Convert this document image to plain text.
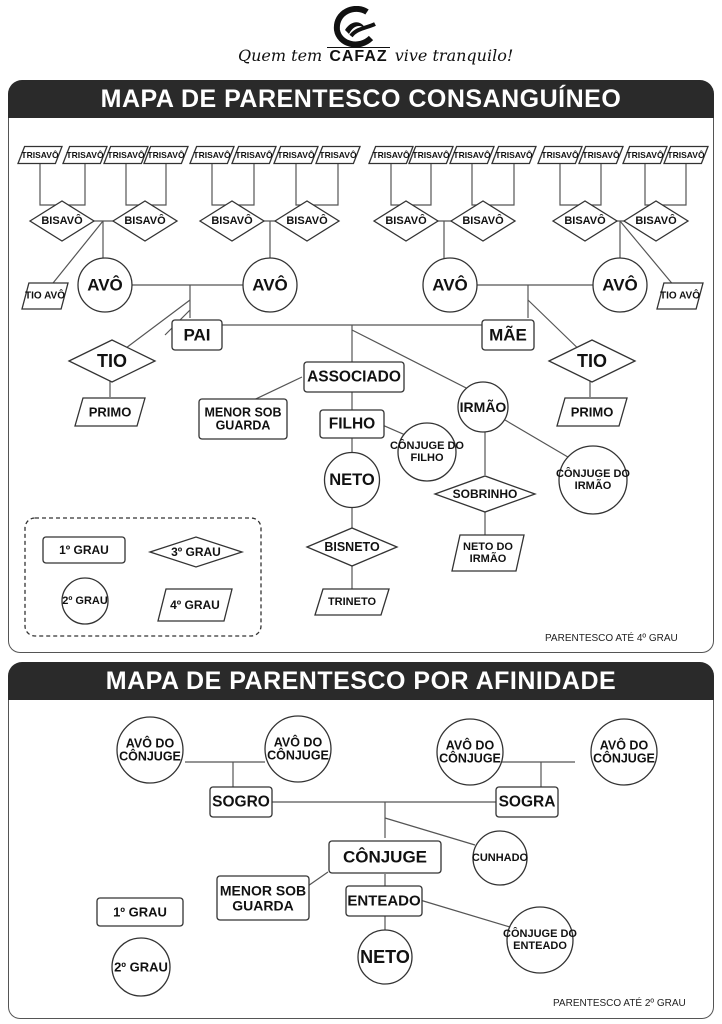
Quem tem CAFAZ vive tranquilo!
MAPA DE PARENTESCO CONSANGUÍNEO
MAPA DE PARENTESCO POR AFINIDADE
TRISAVÔ TRISAVÔ TRISAVÔ TRISAVÔ TRISAVÔ TRISAVÔ TRISAVÔ TRISAVÔ TRISAVÔ TRISAVÔ TRISAVÔ TRISAVÔ TRISAVÔ TRISAVÔ TRISAVÔ TRISAVÔ
BISAVÔ	BISAVÔ	BISAVÔ	BISAVÔ	BISAVÔ	BISAVÔ	BISAVÔ	BISAVÔ
AVÔ	AVÔ	AVÔ	AVÔ
TIO AVÔ	TIO AVÔ
PAI	MÃE
TIO	TIO
PRIMO	PRIMO
ASSOCIADO
MENOR SOB
GUARDA	FILHO
CÔNJUGE DO
FILHO
IRMÃO
CÔNJUGE DO
IRMÃO
NETO
SOBRINHO
BISNETO	NETO DO
IRMÃO
TRINETO
1º GRAU
2º GRAU
3º GRAU
4º GRAU
AVÔ DO
CÔNJUGE
AVÔ DO
CÔNJUGE
AVÔ DO
CÔNJUGE
AVÔ DO
CÔNJUGE
SOGRO	SOGRA
CÔNJUGE	CUNHADO
MENOR SOB
GUARDA	ENTEADO
CÔNJUGE DO
ENTEADO
NETO
1º GRAU
2º GRAU
PARENTESCO ATÉ 4º GRAU
PARENTESCO ATÉ 2º GRAU
